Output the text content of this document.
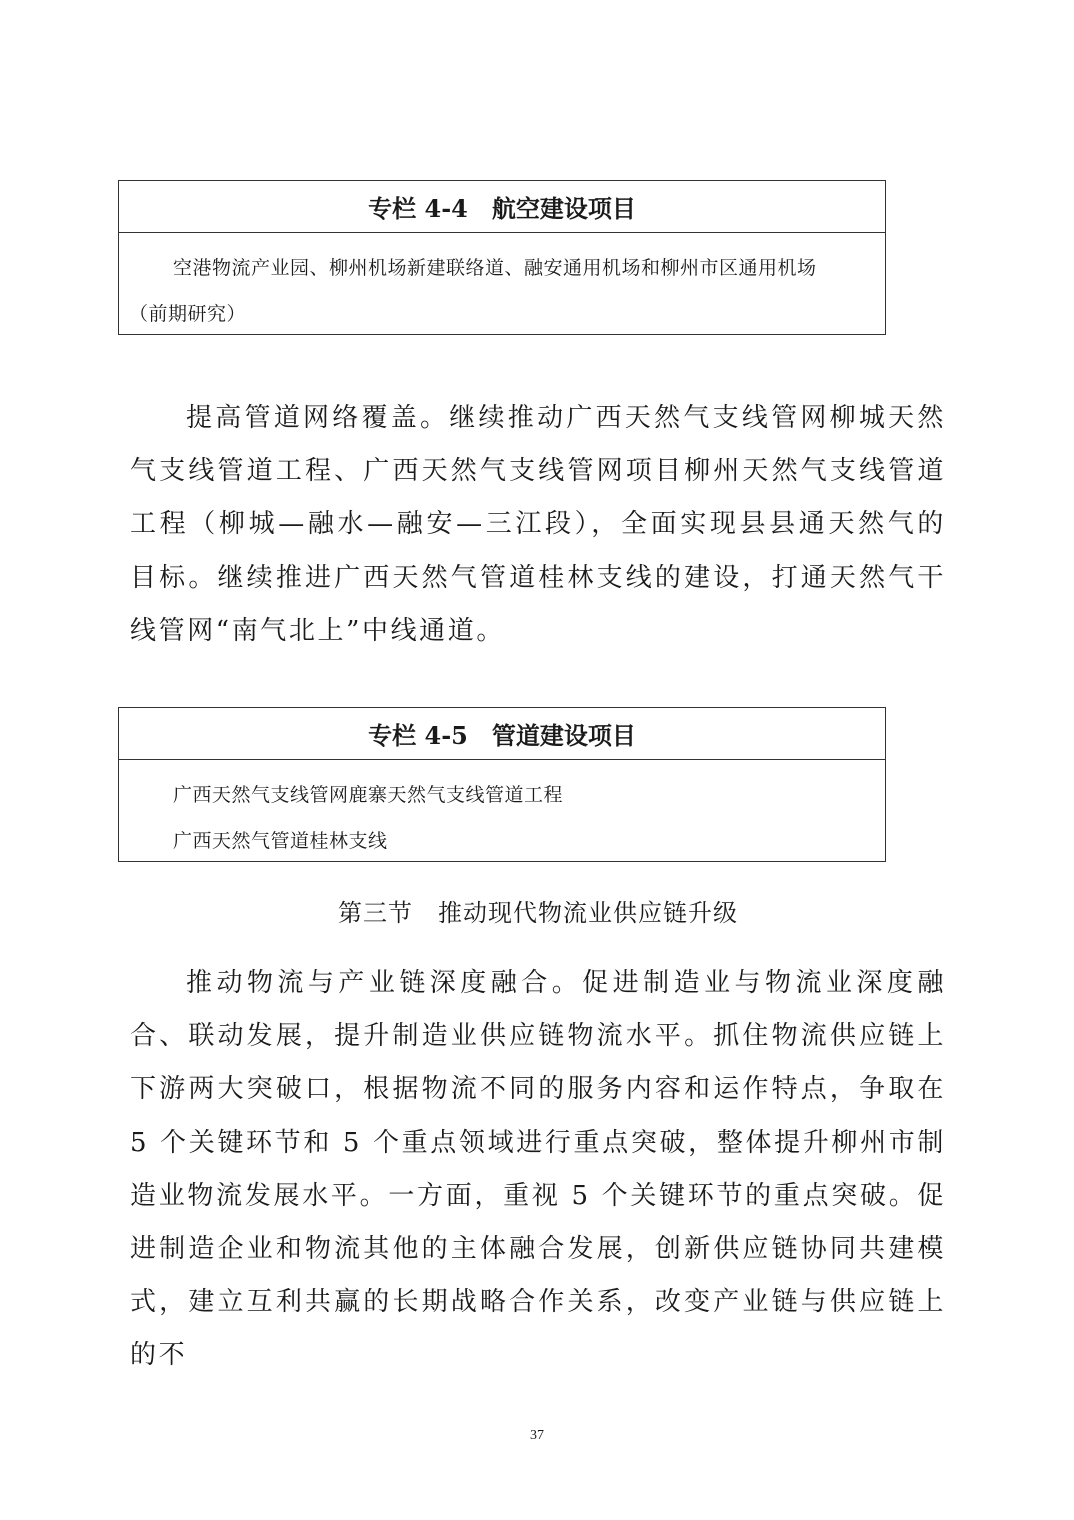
专栏 4-4　航空建设项目
空港物流产业园、柳州机场新建联络道、融安通用机场和柳州市区通用机场
（前期研究）
提高管道网络覆盖。继续推动广西天然气支线管网柳城天然气支线管道工程、广西天然气支线管网项目柳州天然气支线管道工程（柳城—融水—融安—三江段），全面实现县县通天然气的目标。继续推进广西天然气管道桂林支线的建设，打通天然气干线管网“南气北上”中线通道。
专栏 4-5　管道建设项目
广西天然气支线管网鹿寨天然气支线管道工程
广西天然气管道桂林支线
第三节　推动现代物流业供应链升级
推动物流与产业链深度融合。促进制造业与物流业深度融合、联动发展，提升制造业供应链物流水平。抓住物流供应链上下游两大突破口，根据物流不同的服务内容和运作特点，争取在 5 个关键环节和 5 个重点领域进行重点突破，整体提升柳州市制造业物流发展水平。一方面，重视 5 个关键环节的重点突破。促进制造企业和物流其他的主体融合发展，创新供应链协同共建模式，建立互利共赢的长期战略合作关系，改变产业链与供应链上的不
37
